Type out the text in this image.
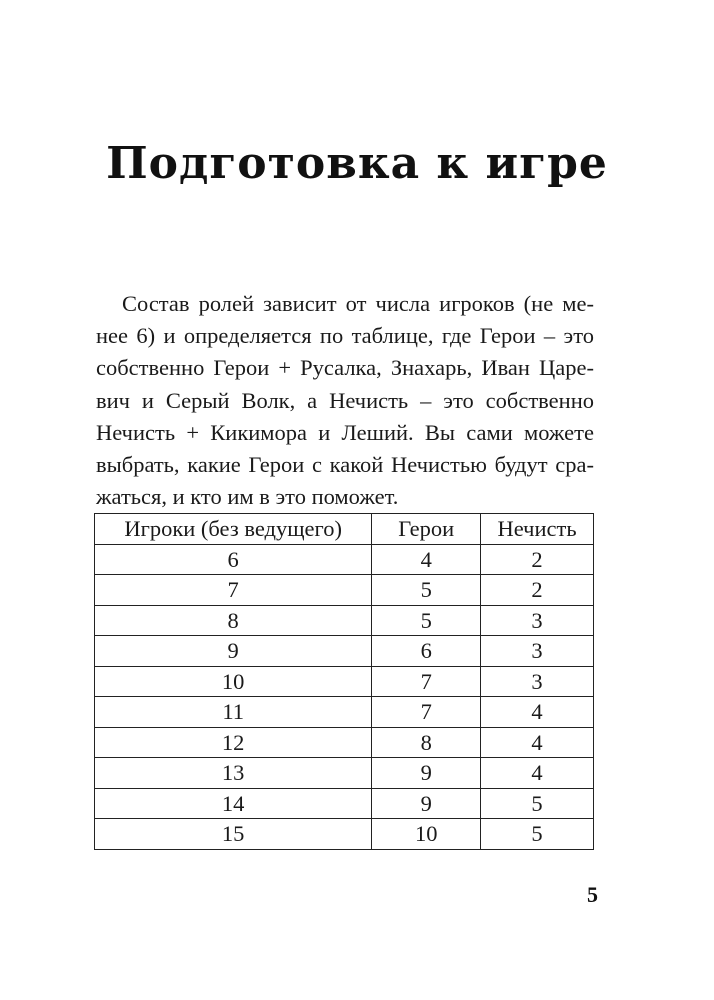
Подготовка к игре
Состав ролей зависит от числа игроков (не ме-
нее 6) и определяется по таблице, где Герои – это
собственно Герои + Русалка, Знахарь, Иван Царе-
вич и Серый Волк, а Нечисть – это собственно
Нечисть + Кикимора и Леший. Вы сами можете
выбрать, какие Герои с какой Нечистью будут сра-
жаться, и кто им в это поможет.
Игроки (без ведущего)	Герои	Нечисть
6	4	2
7	5	2
8	5	3
9	6	3
10	7	3
11	7	4
12	8	4
13	9	4
14	9	5
15	10	5
5
